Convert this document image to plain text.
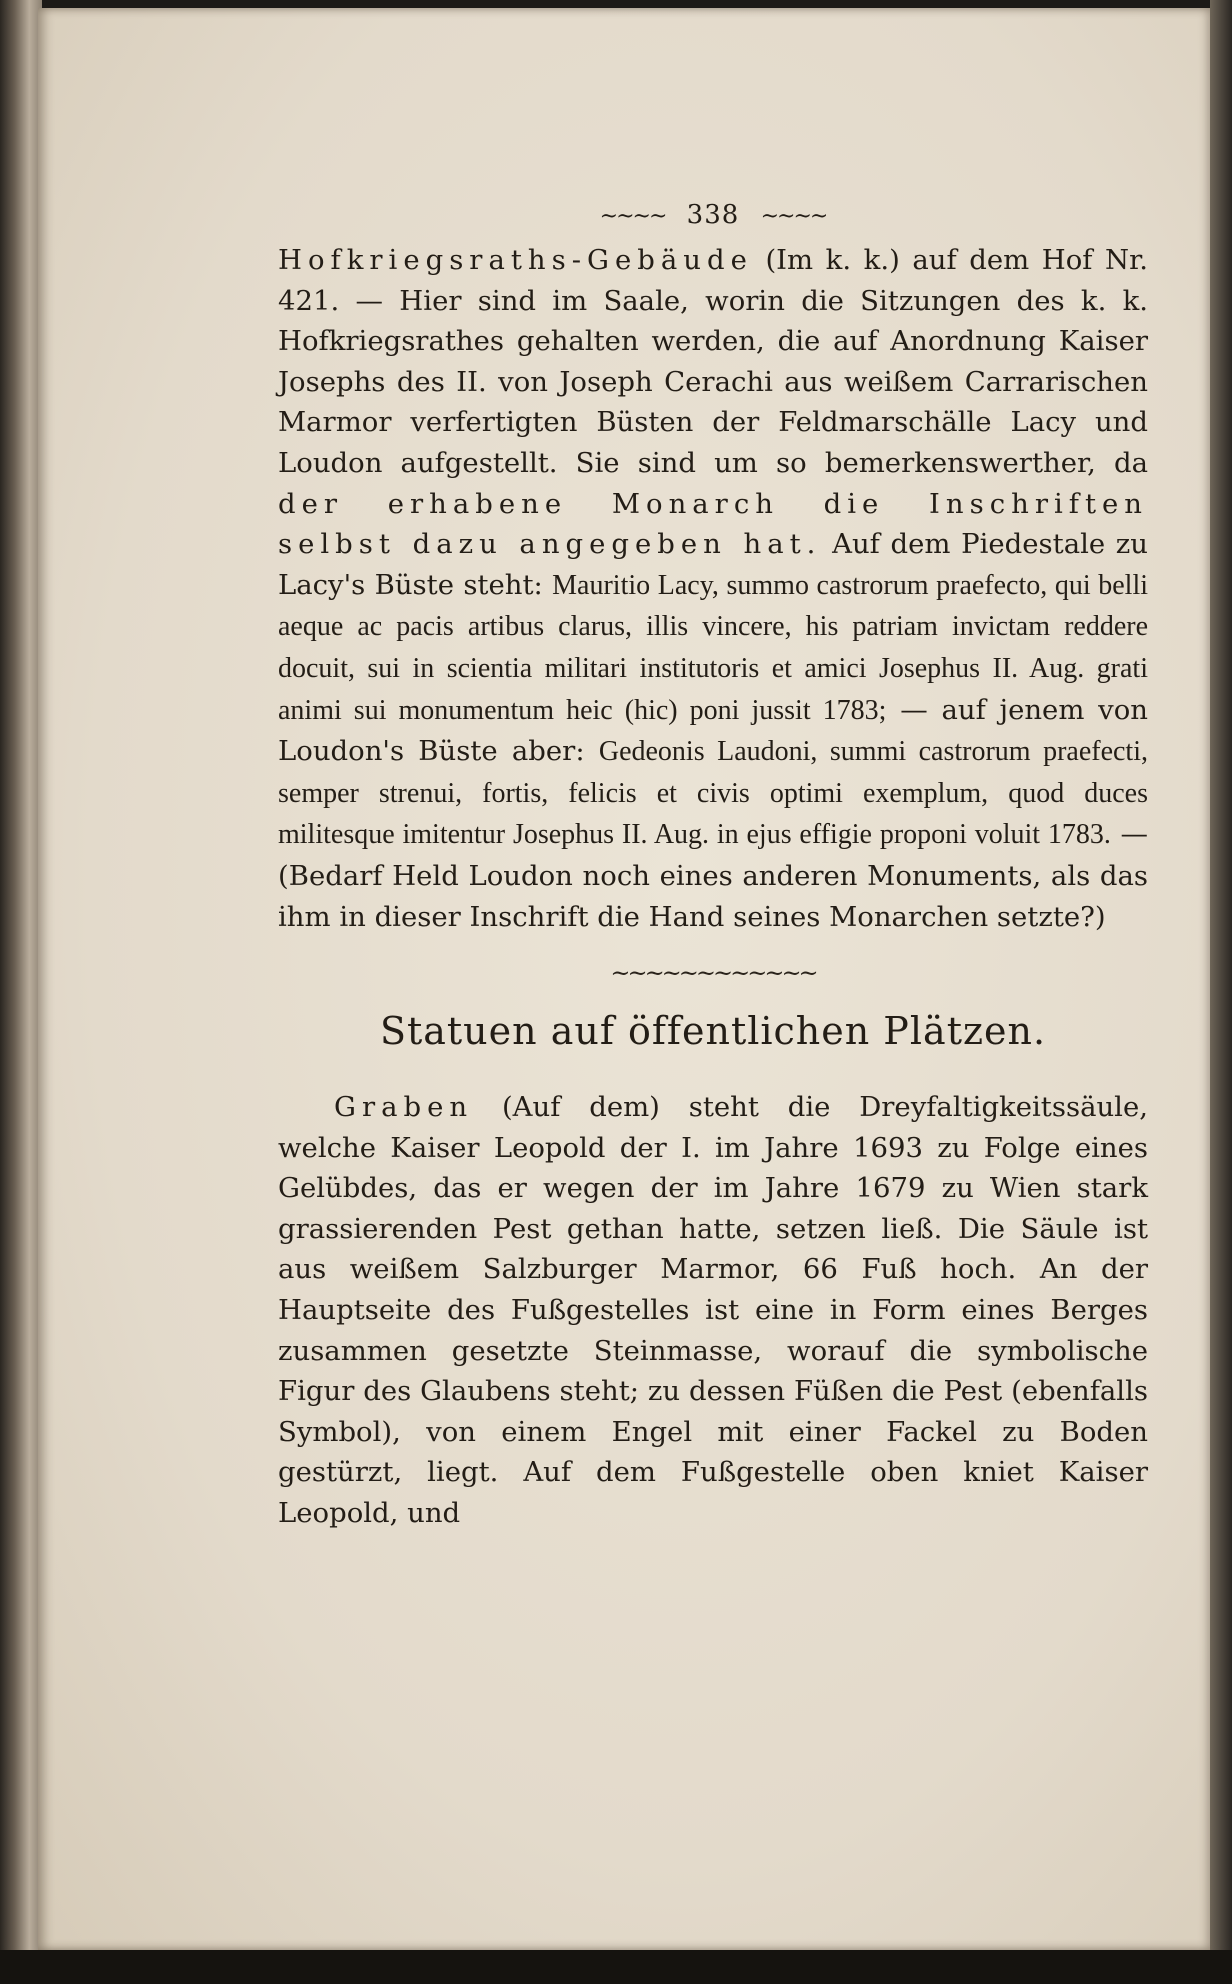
~~~~ 338 ~~~~

Hofkriegsraths-Gebäude (Im k. k.) auf dem Hof Nr. 421. — Hier sind im Saale, worin die Sitzungen des k. k. Hofkriegsrathes gehalten werden, die auf Anordnung Kaiser Josephs des II. von Joseph Cerachi aus weißem Carrarischen Marmor verfertigten Büsten der Feldmarschälle Lacy und Loudon aufgestellt. Sie sind um so bemerkenswerther, da der erhabene Monarch die Inschriften selbst dazu angegeben hat. Auf dem Piedestale zu Lacy's Büste steht: Mauritio Lacy, summo castrorum praefecto, qui belli aeque ac pacis artibus clarus, illis vincere, his patriam invictam reddere docuit, sui in scientia militari institutoris et amici Josephus II. Aug. grati animi sui monumentum heic (hic) poni jussit 1783; — auf jenem von Loudon's Büste aber: Gedeonis Laudoni, summi castrorum praefecti, semper strenui, fortis, felicis et civis optimi exemplum, quod duces militesque imitentur Josephus II. Aug. in ejus effigie proponi voluit 1783. — (Bedarf Held Loudon noch eines anderen Monuments, als das ihm in dieser Inschrift die Hand seines Monarchen setzte?)

~~~~~~~~~~~~
Statuen auf öffentlichen Plätzen.

Graben (Auf dem) steht die Dreyfaltigkeitssäule, welche Kaiser Leopold der I. im Jahre 1693 zu Folge eines Gelübdes, das er wegen der im Jahre 1679 zu Wien stark grassierenden Pest gethan hatte, setzen ließ. Die Säule ist aus weißem Salzburger Marmor, 66 Fuß hoch. An der Hauptseite des Fußgestelles ist eine in Form eines Berges zusammen gesetzte Steinmasse, worauf die symbolische Figur des Glaubens steht; zu dessen Füßen die Pest (ebenfalls Symbol), von einem Engel mit einer Fackel zu Boden gestürzt, liegt. Auf dem Fußgestelle oben kniet Kaiser Leopold, und
